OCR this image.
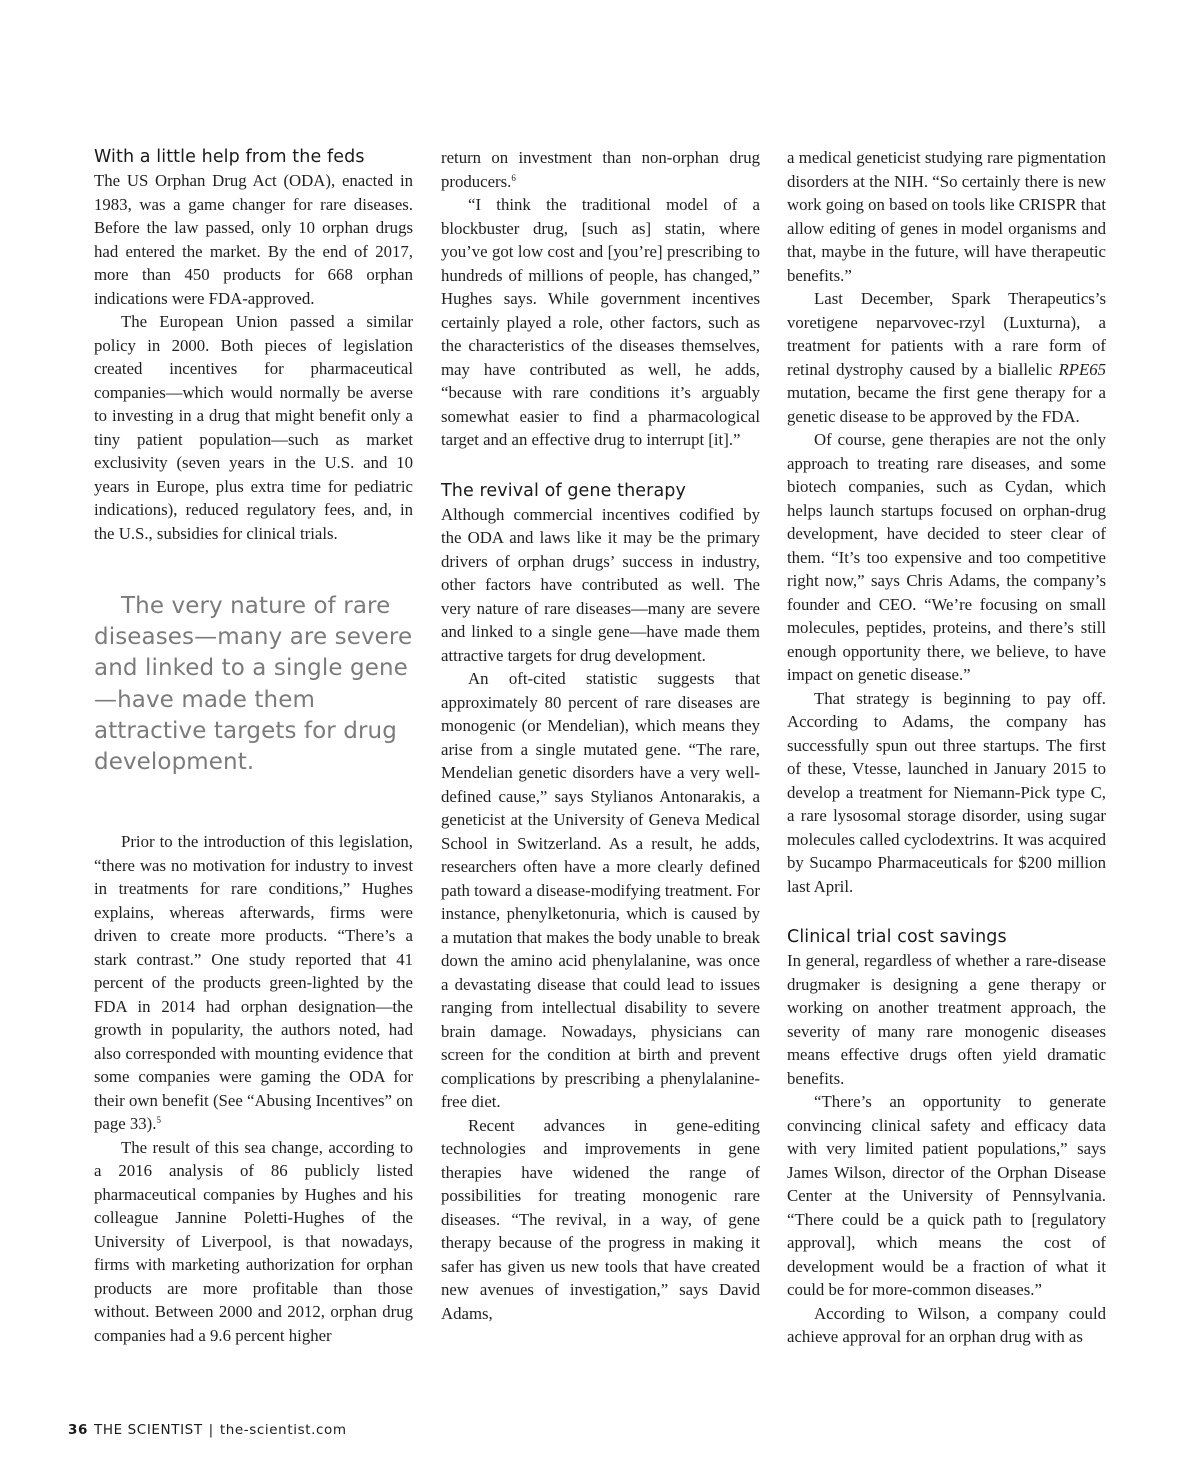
With a little help from the feds

The US Orphan Drug Act (ODA), enacted in 1983, was a game changer for rare diseases. Before the law passed, only 10 orphan drugs had entered the market. By the end of 2017, more than 450 products for 668 orphan indications were FDA-approved.

The European Union passed a similar policy in 2000. Both pieces of legislation created incentives for pharmaceutical companies—which would normally be averse to investing in a drug that might benefit only a tiny patient population—such as market exclusivity (seven years in the U.S. and 10 years in Europe, plus extra time for pediatric indications), reduced regulatory fees, and, in the U.S., subsidies for clinical trials.

The very nature of rare diseases—many are severe and linked to a single gene—have made them attractive targets for drug development.

Prior to the introduction of this legislation, “there was no motivation for industry to invest in treatments for rare conditions,” Hughes explains, whereas afterwards, firms were driven to create more products. “There’s a stark contrast.” One study reported that 41 percent of the products green-lighted by the FDA in 2014 had orphan designation—the growth in popularity, the authors noted, had also corresponded with mounting evidence that some companies were gaming the ODA for their own benefit (See “Abusing Incentives” on page 33).$^5$

The result of this sea change, according to a 2016 analysis of 86 publicly listed pharmaceutical companies by Hughes and his colleague Jannine Poletti-Hughes of the University of Liverpool, is that nowadays, firms with marketing authorization for orphan products are more profitable than those without. Between 2000 and 2012, orphan drug companies had a 9.6 percent higher

return on investment than non-orphan drug producers.$^6$

“I think the traditional model of a blockbuster drug, [such as] statin, where you’ve got low cost and [you’re] prescribing to hundreds of millions of people, has changed,” Hughes says. While government incentives certainly played a role, other factors, such as the characteristics of the diseases themselves, may have contributed as well, he adds, “because with rare conditions it’s arguably somewhat easier to find a pharmacological target and an effective drug to interrupt [it].”

The revival of gene therapy

Although commercial incentives codified by the ODA and laws like it may be the primary drivers of orphan drugs’ success in industry, other factors have contributed as well. The very nature of rare diseases—many are severe and linked to a single gene—have made them attractive targets for drug development.

An oft-cited statistic suggests that approximately 80 percent of rare diseases are monogenic (or Mendelian), which means they arise from a single mutated gene. “The rare, Mendelian genetic disorders have a very well-defined cause,” says Stylianos Antonarakis, a geneticist at the University of Geneva Medical School in Switzerland. As a result, he adds, researchers often have a more clearly defined path toward a disease-modifying treatment. For instance, phenylketonuria, which is caused by a mutation that makes the body unable to break down the amino acid phenylalanine, was once a devastating disease that could lead to issues ranging from intellectual disability to severe brain damage. Nowadays, physicians can screen for the condition at birth and prevent complications by prescribing a phenylalanine-free diet.

Recent advances in gene-editing technologies and improvements in gene therapies have widened the range of possibilities for treating monogenic rare diseases. “The revival, in a way, of gene therapy because of the progress in making it safer has given us new tools that have created new avenues of investigation,” says David Adams,

a medical geneticist studying rare pigmentation disorders at the NIH. “So certainly there is new work going on based on tools like CRISPR that allow editing of genes in model organisms and that, maybe in the future, will have therapeutic benefits.”

Last December, Spark Therapeutics’s voretigene neparvovec-rzyl (Luxturna), a treatment for patients with a rare form of retinal dystrophy caused by a biallelic RPE65 mutation, became the first gene therapy for a genetic disease to be approved by the FDA.

Of course, gene therapies are not the only approach to treating rare diseases, and some biotech companies, such as Cydan, which helps launch startups focused on orphan-drug development, have decided to steer clear of them. “It’s too expensive and too competitive right now,” says Chris Adams, the company’s founder and CEO. “We’re focusing on small molecules, peptides, proteins, and there’s still enough opportunity there, we believe, to have impact on genetic disease.”

That strategy is beginning to pay off. According to Adams, the company has successfully spun out three startups. The first of these, Vtesse, launched in January 2015 to develop a treatment for Niemann-Pick type C, a rare lysosomal storage disorder, using sugar molecules called cyclodextrins. It was acquired by Sucampo Pharmaceuticals for $200 million last April.

Clinical trial cost savings

In general, regardless of whether a rare-disease drugmaker is designing a gene therapy or working on another treatment approach, the severity of many rare monogenic diseases means effective drugs often yield dramatic benefits.

“There’s an opportunity to generate convincing clinical safety and efficacy data with very limited patient populations,” says James Wilson, director of the Orphan Disease Center at the University of Pennsylvania. “There could be a quick path to [regulatory approval], which means the cost of development would be a fraction of what it could be for more-common diseases.”

According to Wilson, a company could achieve approval for an orphan drug with as

36 THE SCIENTIST | the-scientist.com
